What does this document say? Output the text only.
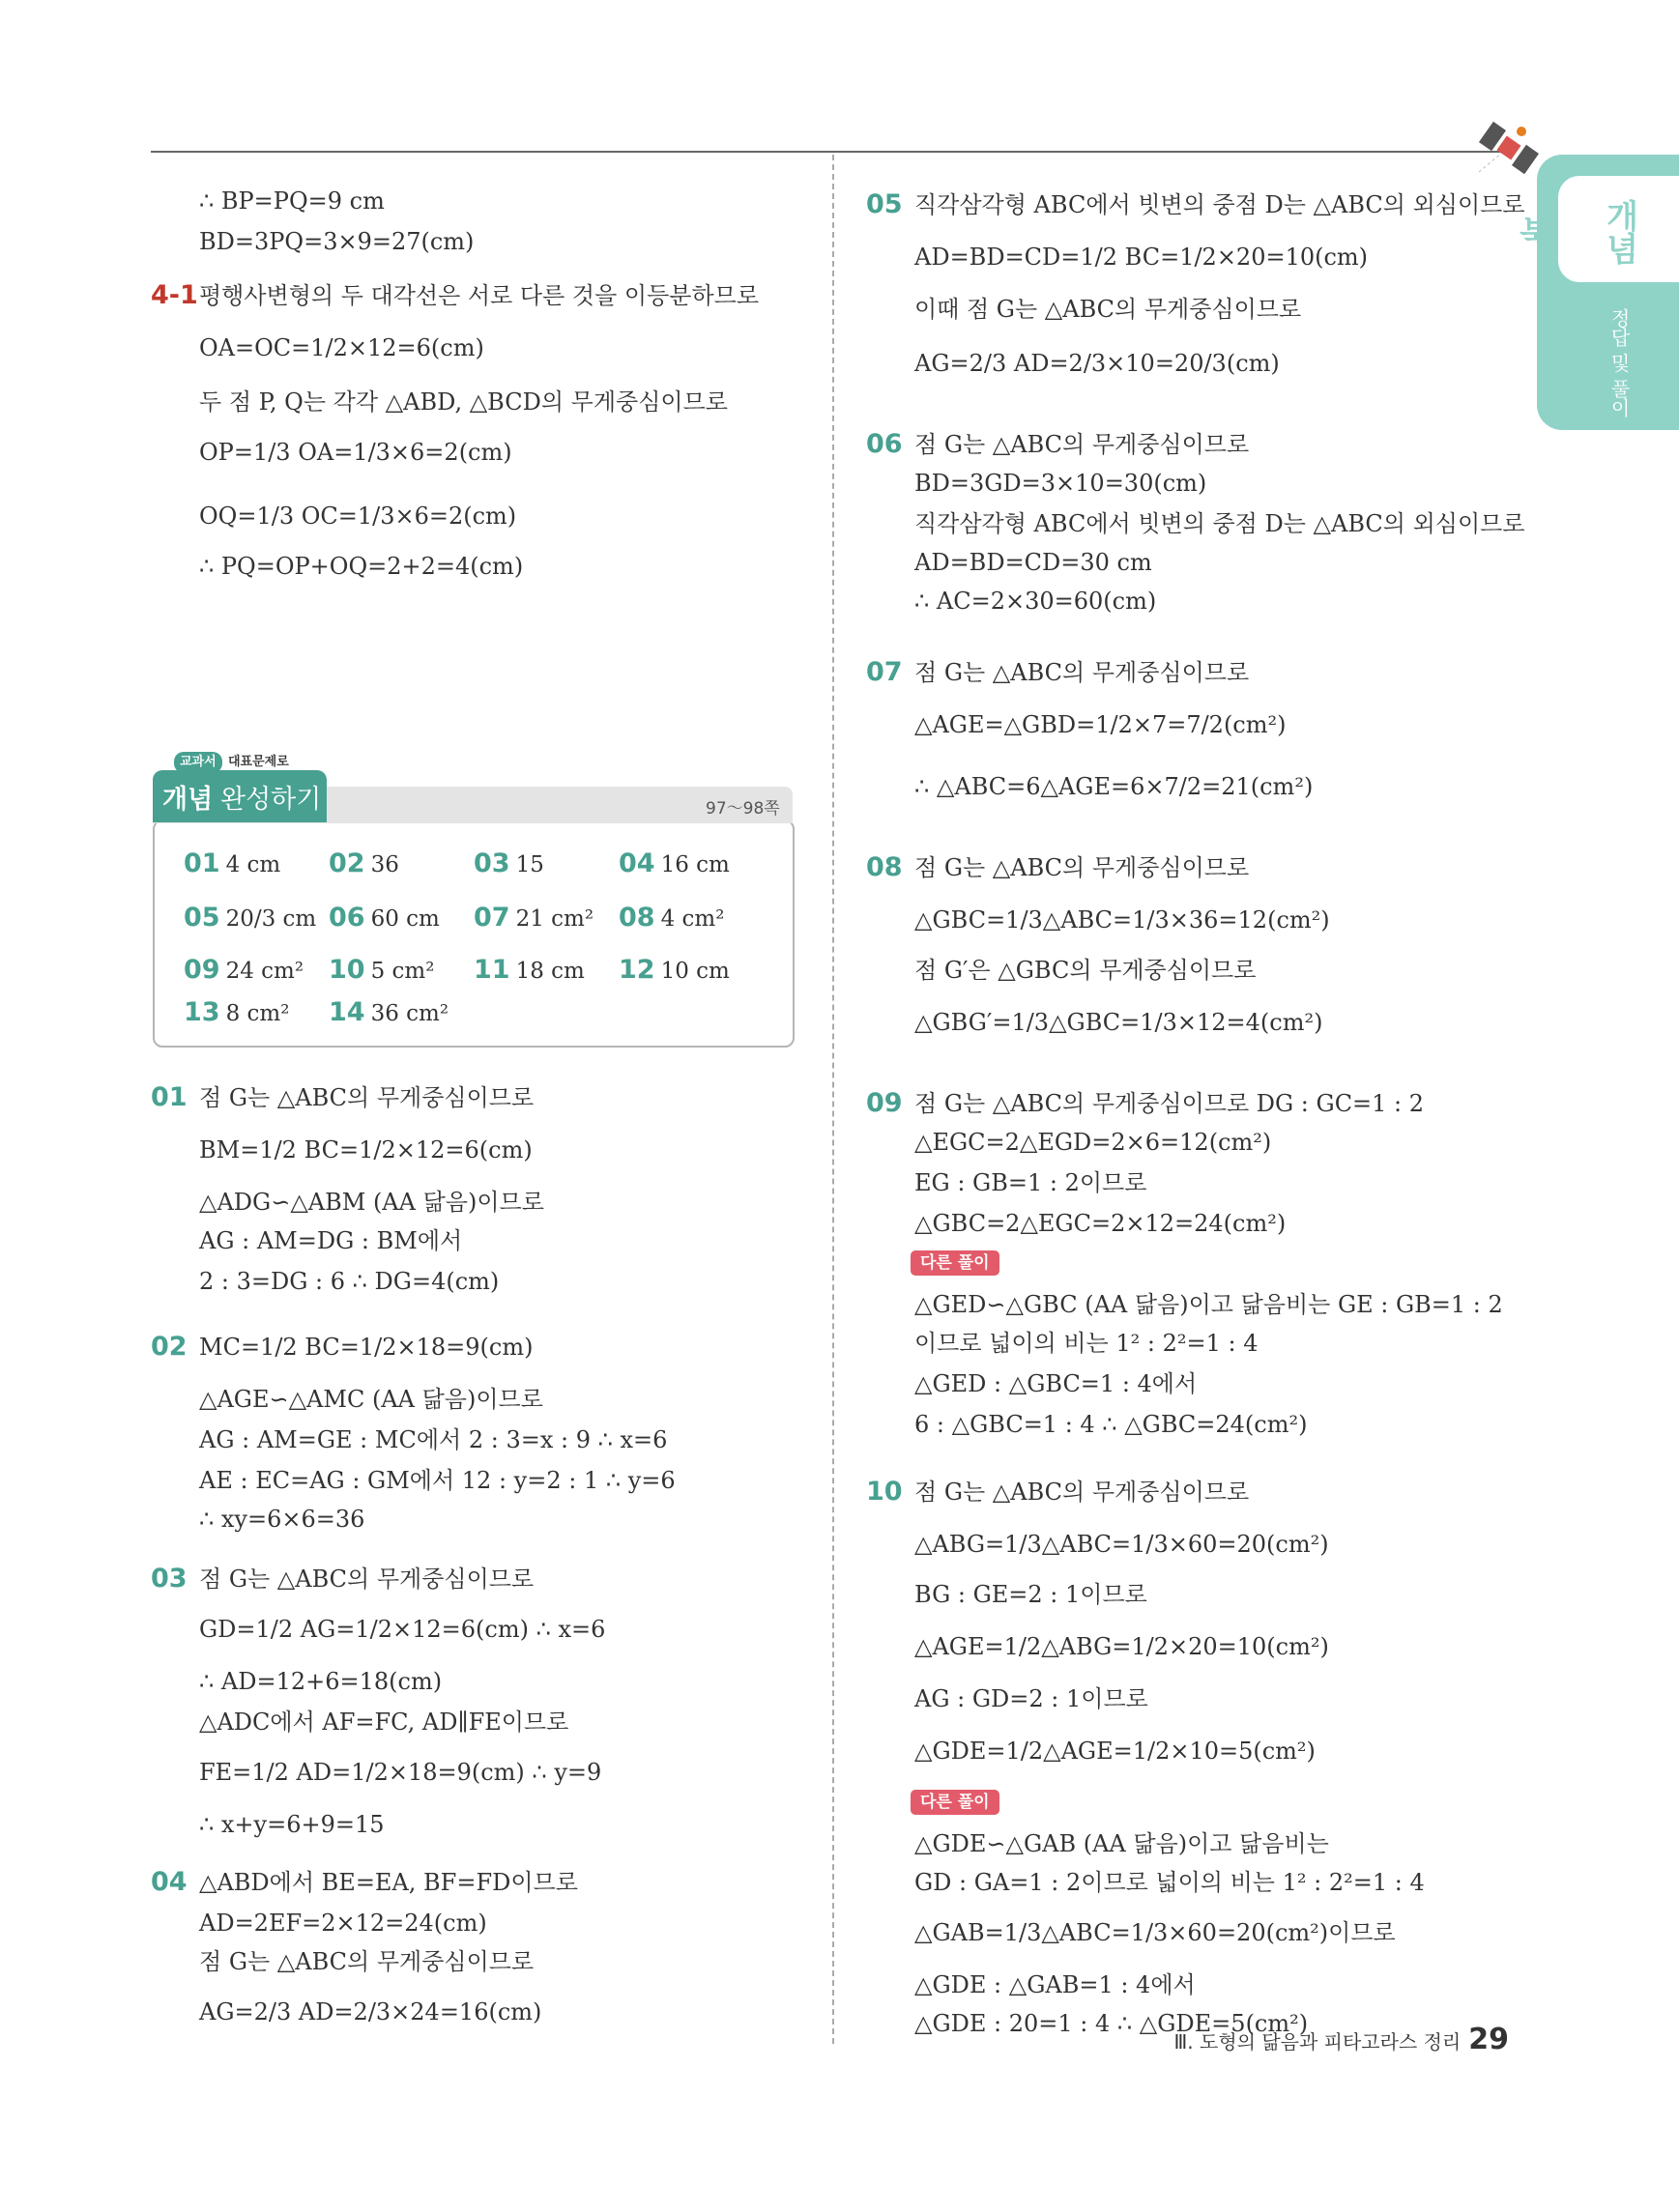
개념북
정답 및 풀이
∴ BP=PQ=9 cm
BD=3PQ=3×9=27(cm)
4-1 평행사변형의 두 대각선은 서로 다른 것을 이등분하므로
OA=OC=1/2×12=6(cm)
두 점 P, Q는 각각 △ABD, △BCD의 무게중심이므로
OP=1/3 OA=1/3×6=2(cm)
OQ=1/3 OC=1/3×6=2(cm)
∴ PQ=OP+OQ=2+2=4(cm)
개념 완성하기
교과서 대표문제로
97～98쪽
01 4 cm 02 36	03 15	04 16 cm
05 20/3 cm 06 60 cm 07 21 cm² 08 4 cm²
09 24 cm² 10 5 cm² 11 18 cm 12 10 cm
13 8 cm² 14 36 cm²
01 점 G는 △ABC의 무게중심이므로
BM=1/2 BC=1/2×12=6(cm)
△ADG∽△ABM (AA 닮음)이므로
AG : AM=DG : BM에서
2 : 3=DG : 6 ∴ DG=4(cm)
02 MC=1/2 BC=1/2×18=9(cm)
△AGE∽△AMC (AA 닮음)이므로
AG : AM=GE : MC에서 2 : 3=x : 9 ∴ x=6
AE : EC=AG : GM에서 12 : y=2 : 1 ∴ y=6
∴ xy=6×6=36
03 점 G는 △ABC의 무게중심이므로
GD=1/2 AG=1/2×12=6(cm) ∴ x=6
∴ AD=12+6=18(cm)
△ADC에서 AF=FC, AD∥FE이므로
FE=1/2 AD=1/2×18=9(cm) ∴ y=9
∴ x+y=6+9=15
04 △ABD에서 BE=EA, BF=FD이므로
AD=2EF=2×12=24(cm)
점 G는 △ABC의 무게중심이므로
AG=2/3 AD=2/3×24=16(cm)
05 직각삼각형 ABC에서 빗변의 중점 D는 △ABC의 외심이므로
AD=BD=CD=1/2 BC=1/2×20=10(cm)
이때 점 G는 △ABC의 무게중심이므로
AG=2/3 AD=2/3×10=20/3(cm)
06 점 G는 △ABC의 무게중심이므로
BD=3GD=3×10=30(cm)
직각삼각형 ABC에서 빗변의 중점 D는 △ABC의 외심이므로
AD=BD=CD=30 cm
∴ AC=2×30=60(cm)
07 점 G는 △ABC의 무게중심이므로
△AGE=△GBD=1/2×7=7/2(cm²)
∴ △ABC=6△AGE=6×7/2=21(cm²)
08 점 G는 △ABC의 무게중심이므로
△GBC=1/3△ABC=1/3×36=12(cm²)
점 G′은 △GBC의 무게중심이므로
△GBG′=1/3△GBC=1/3×12=4(cm²)
09 점 G는 △ABC의 무게중심이므로 DG : GC=1 : 2
△EGC=2△EGD=2×6=12(cm²)
EG : GB=1 : 2이므로
△GBC=2△EGC=2×12=24(cm²)
다른 풀이
△GED∽△GBC (AA 닮음)이고 닮음비는 GE : GB=1 : 2
이므로 넓이의 비는 1² : 2²=1 : 4
△GED : △GBC=1 : 4에서
6 : △GBC=1 : 4 ∴ △GBC=24(cm²)
10 점 G는 △ABC의 무게중심이므로
△ABG=1/3△ABC=1/3×60=20(cm²)
BG : GE=2 : 1이므로
△AGE=1/2△ABG=1/2×20=10(cm²)
AG : GD=2 : 1이므로
△GDE=1/2△AGE=1/2×10=5(cm²)
다른 풀이
△GDE∽△GAB (AA 닮음)이고 닮음비는
GD : GA=1 : 2이므로 넓이의 비는 1² : 2²=1 : 4
△GAB=1/3△ABC=1/3×60=20(cm²)이므로
△GDE : △GAB=1 : 4에서
△GDE : 20=1 : 4 ∴ △GDE=5(cm²)
Ⅲ. 도형의 닮음과 피타고라스 정리 29
